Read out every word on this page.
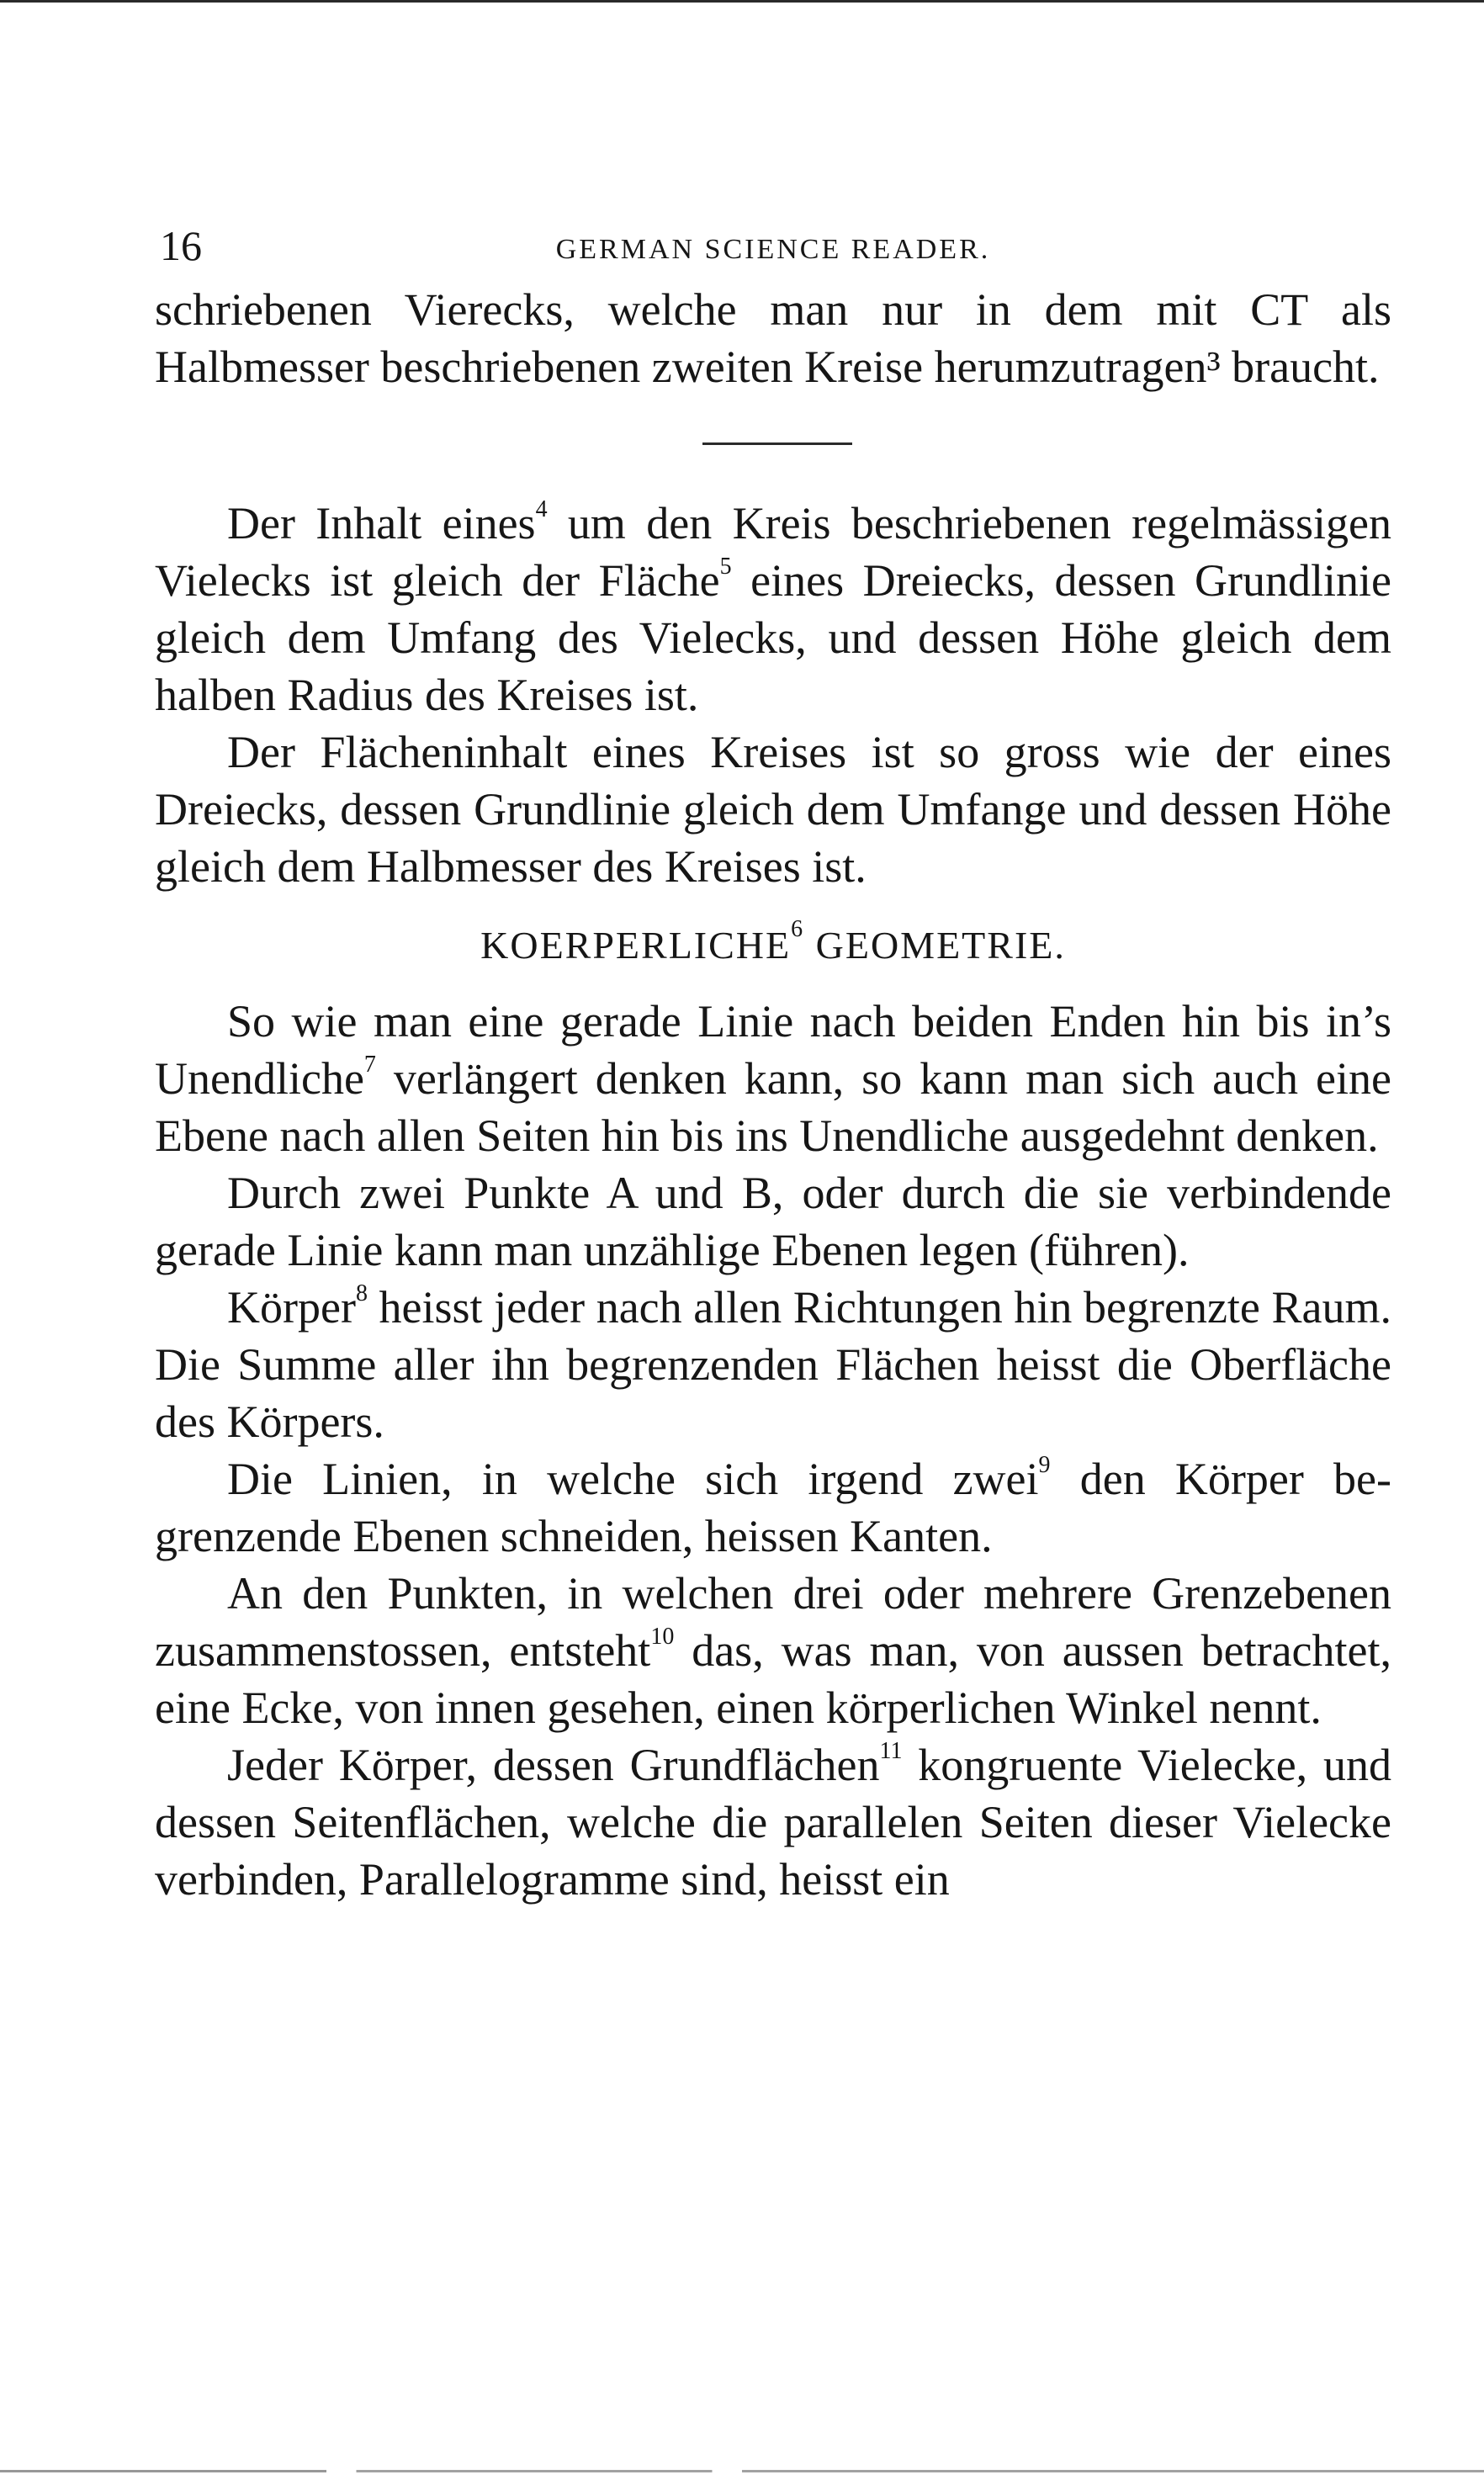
16	GERMAN SCIENCE READER.

schriebenen Vierecks, welche man nur in dem mit CT als Halbmesser beschriebenen zweiten Kreise herumzutragen³ braucht.

Der Inhalt eines$^4$ um den Kreis beschriebenen regelmässigen Vielecks ist gleich der Fläche$^5$ eines Dreiecks, dessen Grundlinie gleich dem Umfang des Vielecks, und dessen Höhe gleich dem halben Radius des Kreises ist.

Der Flächeninhalt eines Kreises ist so gross wie der eines Dreiecks, dessen Grundlinie gleich dem Umfange und dessen Höhe gleich dem Halbmesser des Kreises ist.

KOERPERLICHE$^6$ GEOMETRIE.

So wie man eine gerade Linie nach beiden Enden hin bis in’s Unendliche$^7$ verlängert denken kann, so kann man sich auch eine Ebene nach allen Seiten hin bis ins Unendliche ausgedehnt denken.

Durch zwei Punkte A und B, oder durch die sie verbindende gerade Linie kann man unzählige Ebenen legen (führen).

Körper$^8$ heisst jeder nach allen Richtungen hin begrenzte Raum. Die Summe aller ihn begrenzenden Flächen heisst die Oberfläche des Körpers.

Die Linien, in welche sich irgend zwei$^9$ den Körper begrenzende Ebenen schneiden, heissen Kanten.

An den Punkten, in welchen drei oder mehrere Grenzebenen zusammenstossen, entsteht$^{10}$ das, was man, von aussen betrachtet, eine Ecke, von innen gesehen, einen körperlichen Winkel nennt.

Jeder Körper, dessen Grundflächen$^{11}$ kongruente Vielecke, und dessen Seitenflächen, welche die parallelen Seiten dieser Vielecke verbinden, Parallelogramme sind, heisst ein
